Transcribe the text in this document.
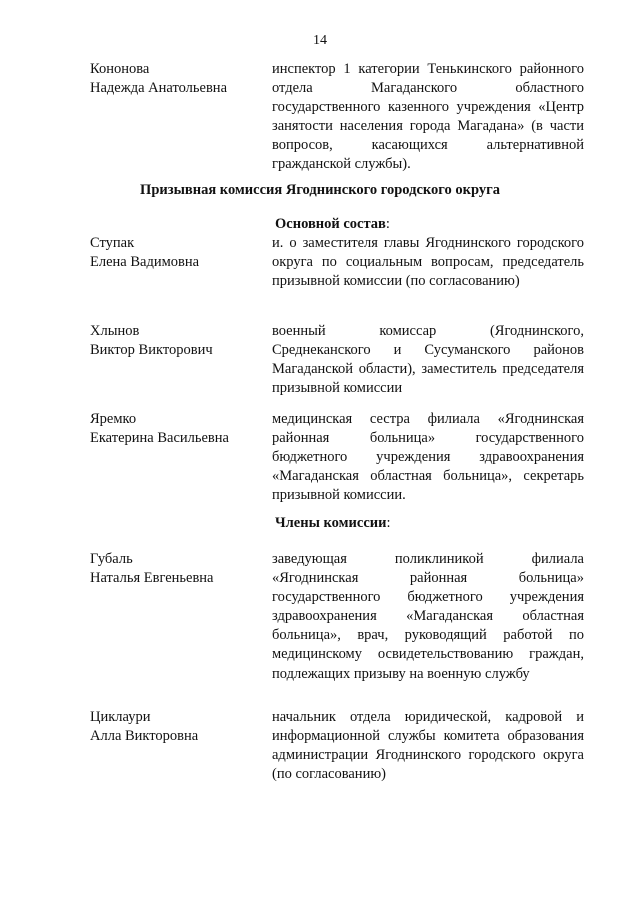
14
Кононова
Надежда Анатольевна
инспектор 1 категории Тенькинского районного отдела Магаданского областного государственного казенного учреждения «Центр занятости населения города Магадана» (в части вопросов, касающихся альтернативной гражданской службы).
Призывная комиссия Ягоднинского городского округа
Основной состав:
Ступак
Елена Вадимовна
и. о заместителя главы Ягоднинского городского округа по социальным вопросам, председатель призывной комиссии (по согласованию)
Хлынов
Виктор Викторович
военный комиссар (Ягоднинского, Среднеканского и Сусуманского районов Магаданской области), заместитель председателя призывной комиссии
Яремко
Екатерина Васильевна
медицинская сестра филиала «Ягоднинская районная больница» государственного бюджетного учреждения здравоохранения «Магаданская областная больница», секретарь призывной комиссии.
Члены комиссии:
Губаль
Наталья Евгеньевна
заведующая поликлиникой филиала «Ягоднинская районная больница» государственного бюджетного учреждения здравоохранения «Магаданская областная больница», врач, руководящий работой по медицинскому освидетельствованию граждан, подлежащих призыву на военную службу
Циклаури
Алла Викторовна
начальник отдела юридической, кадровой и информационной службы комитета образования администрации Ягоднинского городского округа (по согласованию)
